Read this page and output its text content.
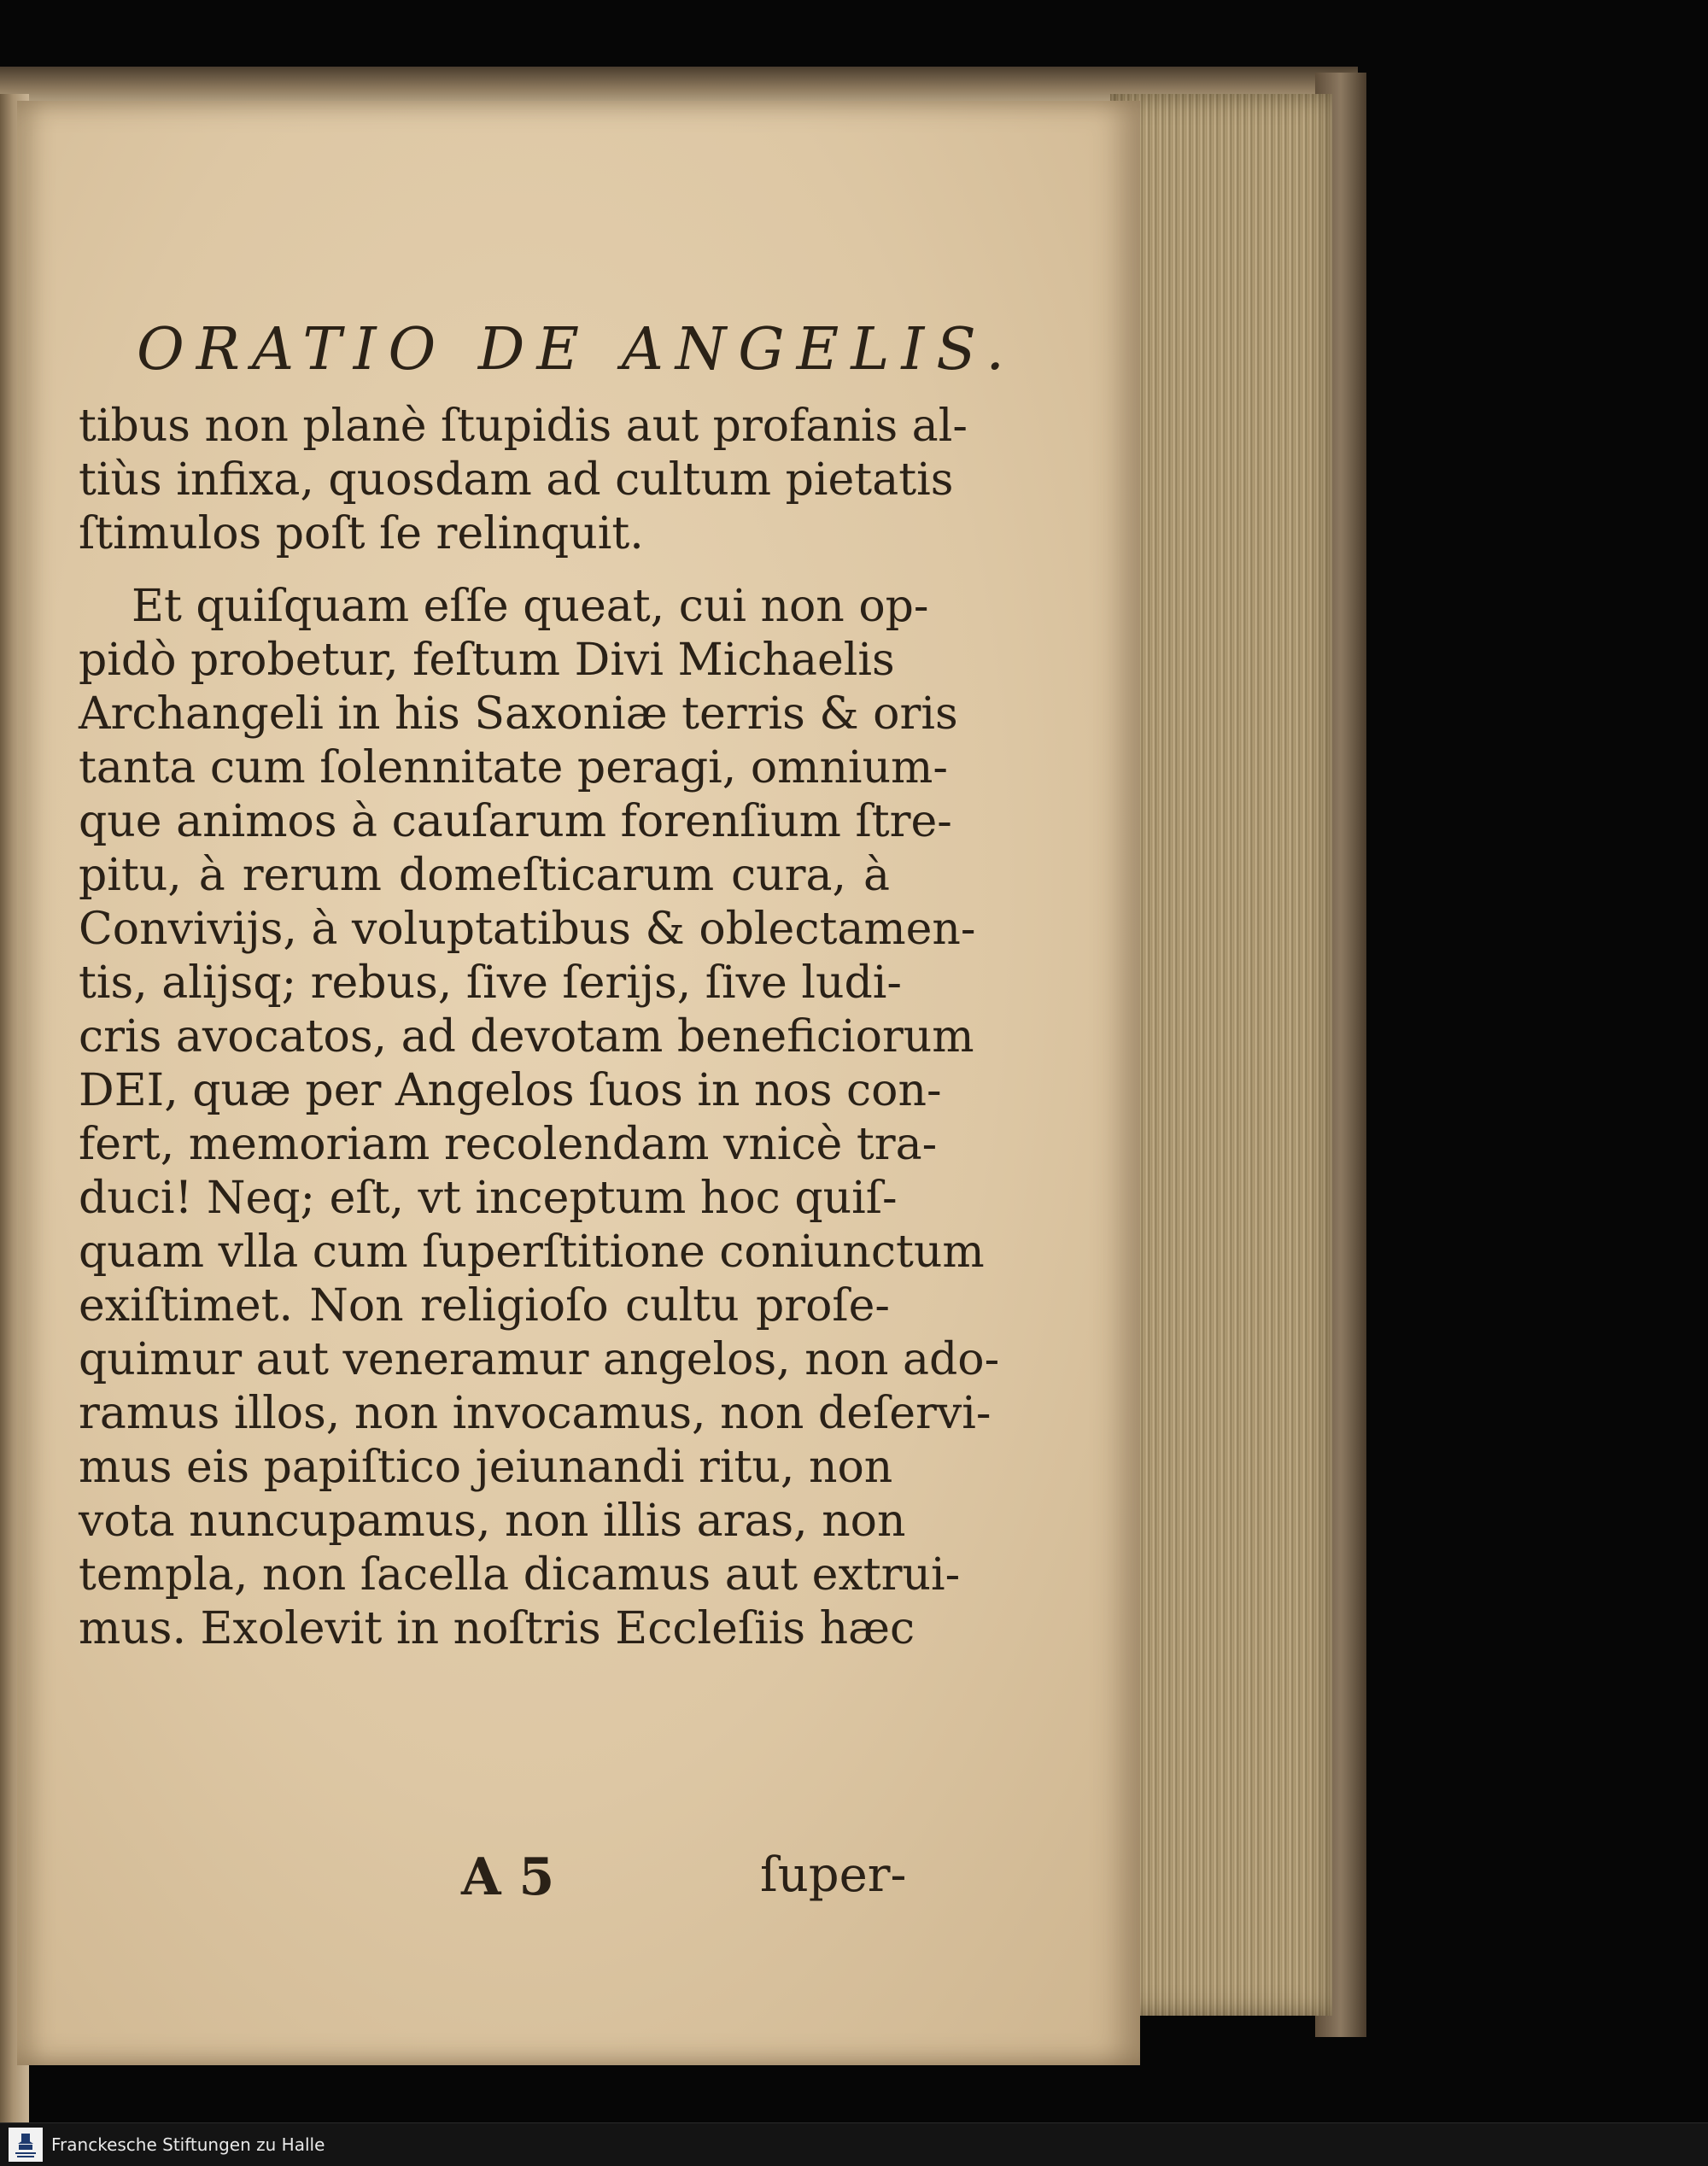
ORATIO DE ANGELIS.
tibus non planè ſtupidis aut profanis al-
tiùs infixa, quosdam ad cultum pietatis
ſtimulos poſt ſe relinquit.
Et quiſquam eſſe queat, cui non op-
pidò probetur, feſtum Divi Michaelis
Archangeli in his Saxoniæ terris & oris
tanta cum ſolennitate peragi, omnium-
que animos à cauſarum forenſium ſtre-
pitu, à rerum domeſticarum cura, à
Convivijs, à voluptatibus & oblectamen-
tis, alijsq; rebus, ſive ſerijs, ſive ludi-
cris avocatos, ad devotam beneficiorum
DEI, quæ per Angelos ſuos in nos con-
fert, memoriam recolendam vnicè tra-
duci! Neq; eſt, vt inceptum hoc quiſ-
quam vlla cum ſuperſtitione coniunctum
exiſtimet. Non religioſo cultu proſe-
quimur aut veneramur angelos, non ado-
ramus illos, non invocamus, non deſervi-
mus eis papiſtico jeiunandi ritu, non
vota nuncupamus, non illis aras, non
templa, non ſacella dicamus aut extrui-
mus. Exolevit in noſtris Eccleſiis hæc
A 5	ſuper-
Franckesche Stiftungen zu Halle
